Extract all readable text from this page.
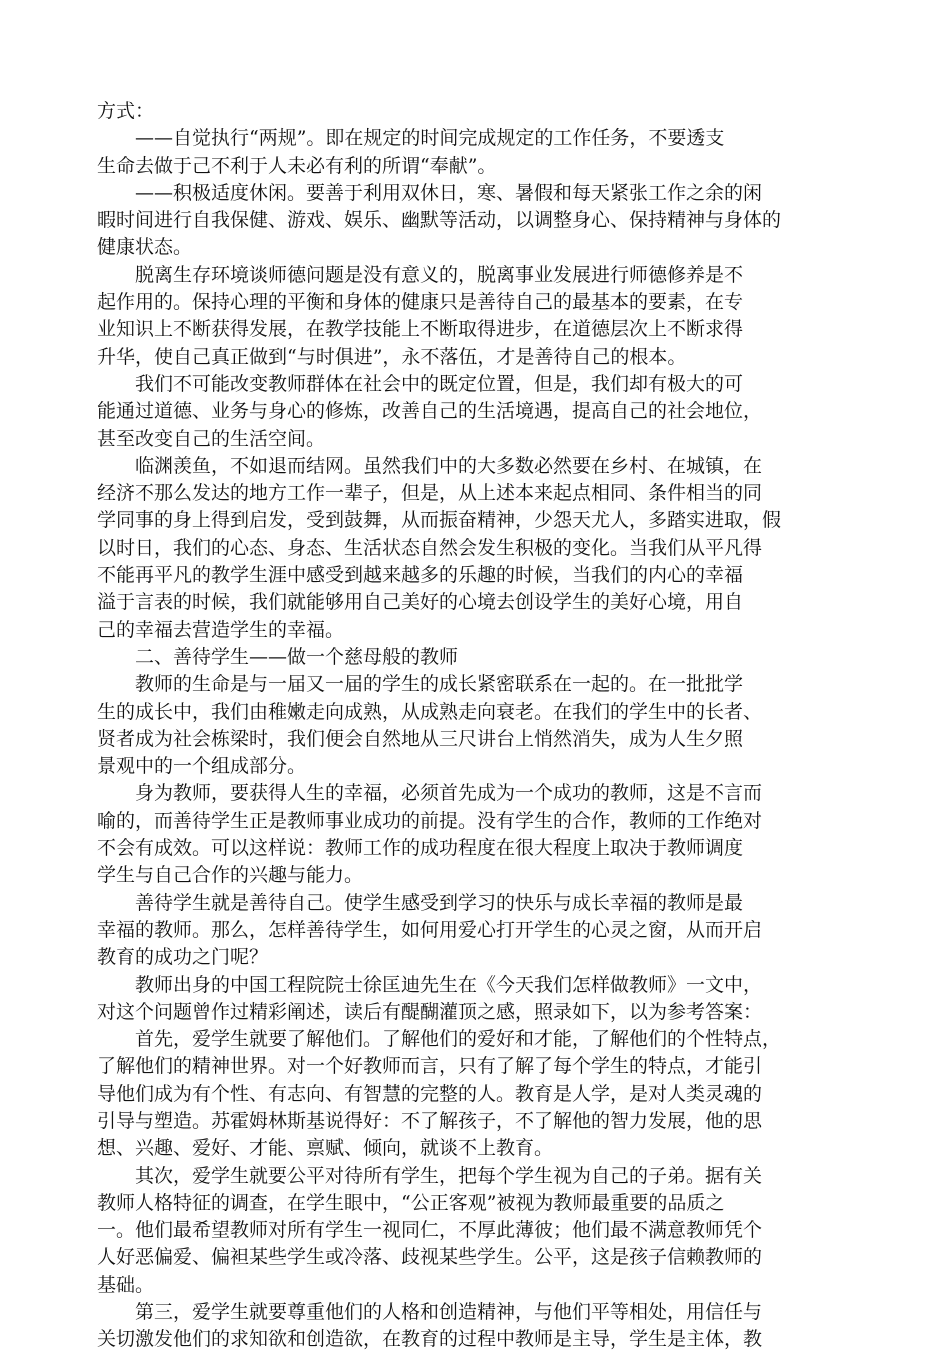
方式：
　　——自觉执行“两规”。即在规定的时间完成规定的工作任务，不要透支
生命去做于己不利于人未必有利的所谓“奉献”。
　　——积极适度休闲。要善于利用双休日，寒、暑假和每天紧张工作之余的闲
暇时间进行自我保健、游戏、娱乐、幽默等活动，以调整身心、保持精神与身体的
健康状态。
　　脱离生存环境谈师德问题是没有意义的，脱离事业发展进行师德修养是不
起作用的。保持心理的平衡和身体的健康只是善待自己的最基本的要素，在专
业知识上不断获得发展，在教学技能上不断取得进步，在道德层次上不断求得
升华，使自己真正做到“与时俱进”，永不落伍，才是善待自己的根本。
　　我们不可能改变教师群体在社会中的既定位置，但是，我们却有极大的可
能通过道德、业务与身心的修炼，改善自己的生活境遇，提高自己的社会地位，
甚至改变自己的生活空间。
　　临渊羡鱼，不如退而结网。虽然我们中的大多数必然要在乡村、在城镇，在
经济不那么发达的地方工作一辈子，但是，从上述本来起点相同、条件相当的同
学同事的身上得到启发，受到鼓舞，从而振奋精神，少怨天尤人，多踏实进取，假
以时日，我们的心态、身态、生活状态自然会发生积极的变化。当我们从平凡得
不能再平凡的教学生涯中感受到越来越多的乐趣的时候，当我们的内心的幸福
溢于言表的时候，我们就能够用自己美好的心境去创设学生的美好心境，用自
己的幸福去营造学生的幸福。
　　二、善待学生——做一个慈母般的教师
　　教师的生命是与一届又一届的学生的成长紧密联系在一起的。在一批批学
生的成长中，我们由稚嫩走向成熟，从成熟走向衰老。在我们的学生中的长者、
贤者成为社会栋梁时，我们便会自然地从三尺讲台上悄然消失，成为人生夕照
景观中的一个组成部分。
　　身为教师，要获得人生的幸福，必须首先成为一个成功的教师，这是不言而
喻的，而善待学生正是教师事业成功的前提。没有学生的合作，教师的工作绝对
不会有成效。可以这样说：教师工作的成功程度在很大程度上取决于教师调度
学生与自己合作的兴趣与能力。
　　善待学生就是善待自己。使学生感受到学习的快乐与成长幸福的教师是最
幸福的教师。那么，怎样善待学生，如何用爱心打开学生的心灵之窗，从而开启
教育的成功之门呢？
　　教师出身的中国工程院院士徐匡迪先生在《今天我们怎样做教师》一文中，
对这个问题曾作过精彩阐述，读后有醍醐灌顶之感，照录如下，以为参考答案：
　　首先，爱学生就要了解他们。了解他们的爱好和才能，了解他们的个性特点，
了解他们的精神世界。对一个好教师而言，只有了解了每个学生的特点，才能引
导他们成为有个性、有志向、有智慧的完整的人。教育是人学，是对人类灵魂的
引导与塑造。苏霍姆林斯基说得好：不了解孩子，不了解他的智力发展，他的思
想、兴趣、爱好、才能、禀赋、倾向，就谈不上教育。
　　其次，爱学生就要公平对待所有学生，把每个学生视为自己的子弟。据有关
教师人格特征的调查，在学生眼中，“公正客观”被视为教师最重要的品质之
一。他们最希望教师对所有学生一视同仁，不厚此薄彼；他们最不满意教师凭个
人好恶偏爱、偏袒某些学生或冷落、歧视某些学生。公平，这是孩子信赖教师的
基础。
　　第三，爱学生就要尊重他们的人格和创造精神，与他们平等相处，用信任与
关切激发他们的求知欲和创造欲，在教育的过程中教师是主导，学生是主体，教
